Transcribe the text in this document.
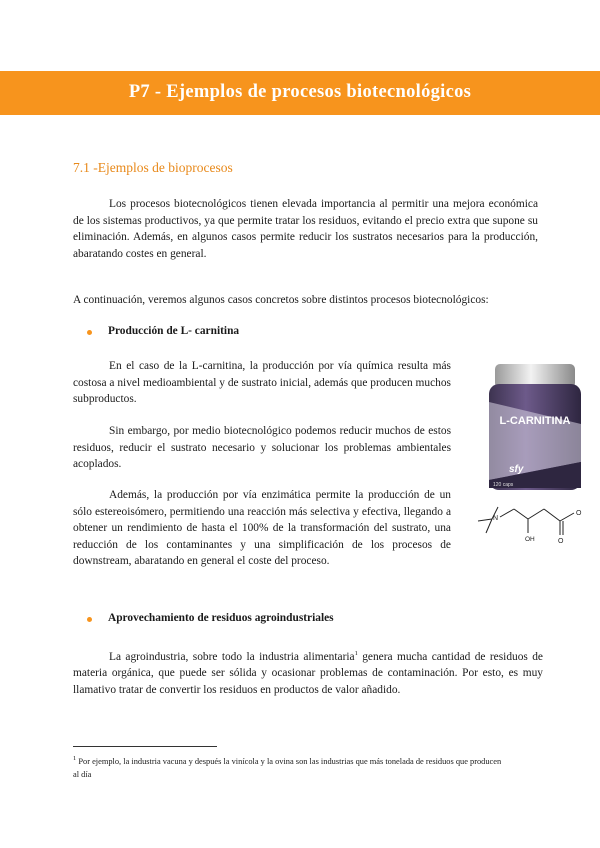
P7 - Ejemplos de procesos biotecnológicos
7.1 -Ejemplos de bioprocesos

Los procesos biotecnológicos tienen elevada importancia al permitir una mejora económica de los sistemas productivos, ya que permite tratar los residuos, evitando el precio extra que supone su eliminación. Además, en algunos casos permite reducir los sustratos necesarios para la producción, abaratando costes en general.

A continuación, veremos algunos casos concretos sobre distintos procesos biotecnológicos:

Producción de L- carnitina

En el caso de la L-carnitina, la producción por vía química resulta más costosa a nivel medioambiental y de sustrato inicial, además que producen muchos subproductos.

Sin embargo, por medio biotecnológico podemos reducir muchos de estos residuos, reducir el sustrato necesario y solucionar los problemas ambientales acoplados.

Además, la producción por vía enzimática permite la producción de un sólo estereoisómero, permitiendo una reacción más selectiva y efectiva, llegando a obtener un rendimiento de hasta el 100% de la transformación del sustrato, una reducción de los contaminantes y una simplificación de los procesos de downstream, abaratando en general el coste del proceso.

L-CARNITINA
sfy
120 caps
N
O
O
OH
Aprovechamiento de residuos agroindustriales

La agroindustria, sobre todo la industria alimentaria$^1$ genera mucha cantidad de residuos de materia orgánica, que puede ser sólida y ocasionar problemas de contaminación. Por esto, es muy llamativo tratar de convertir los residuos en productos de valor añadido.

$^1$ Por ejemplo, la industria vacuna y después la vinícola y la ovina son las industrias que más tonelada de residuos que producen al día
